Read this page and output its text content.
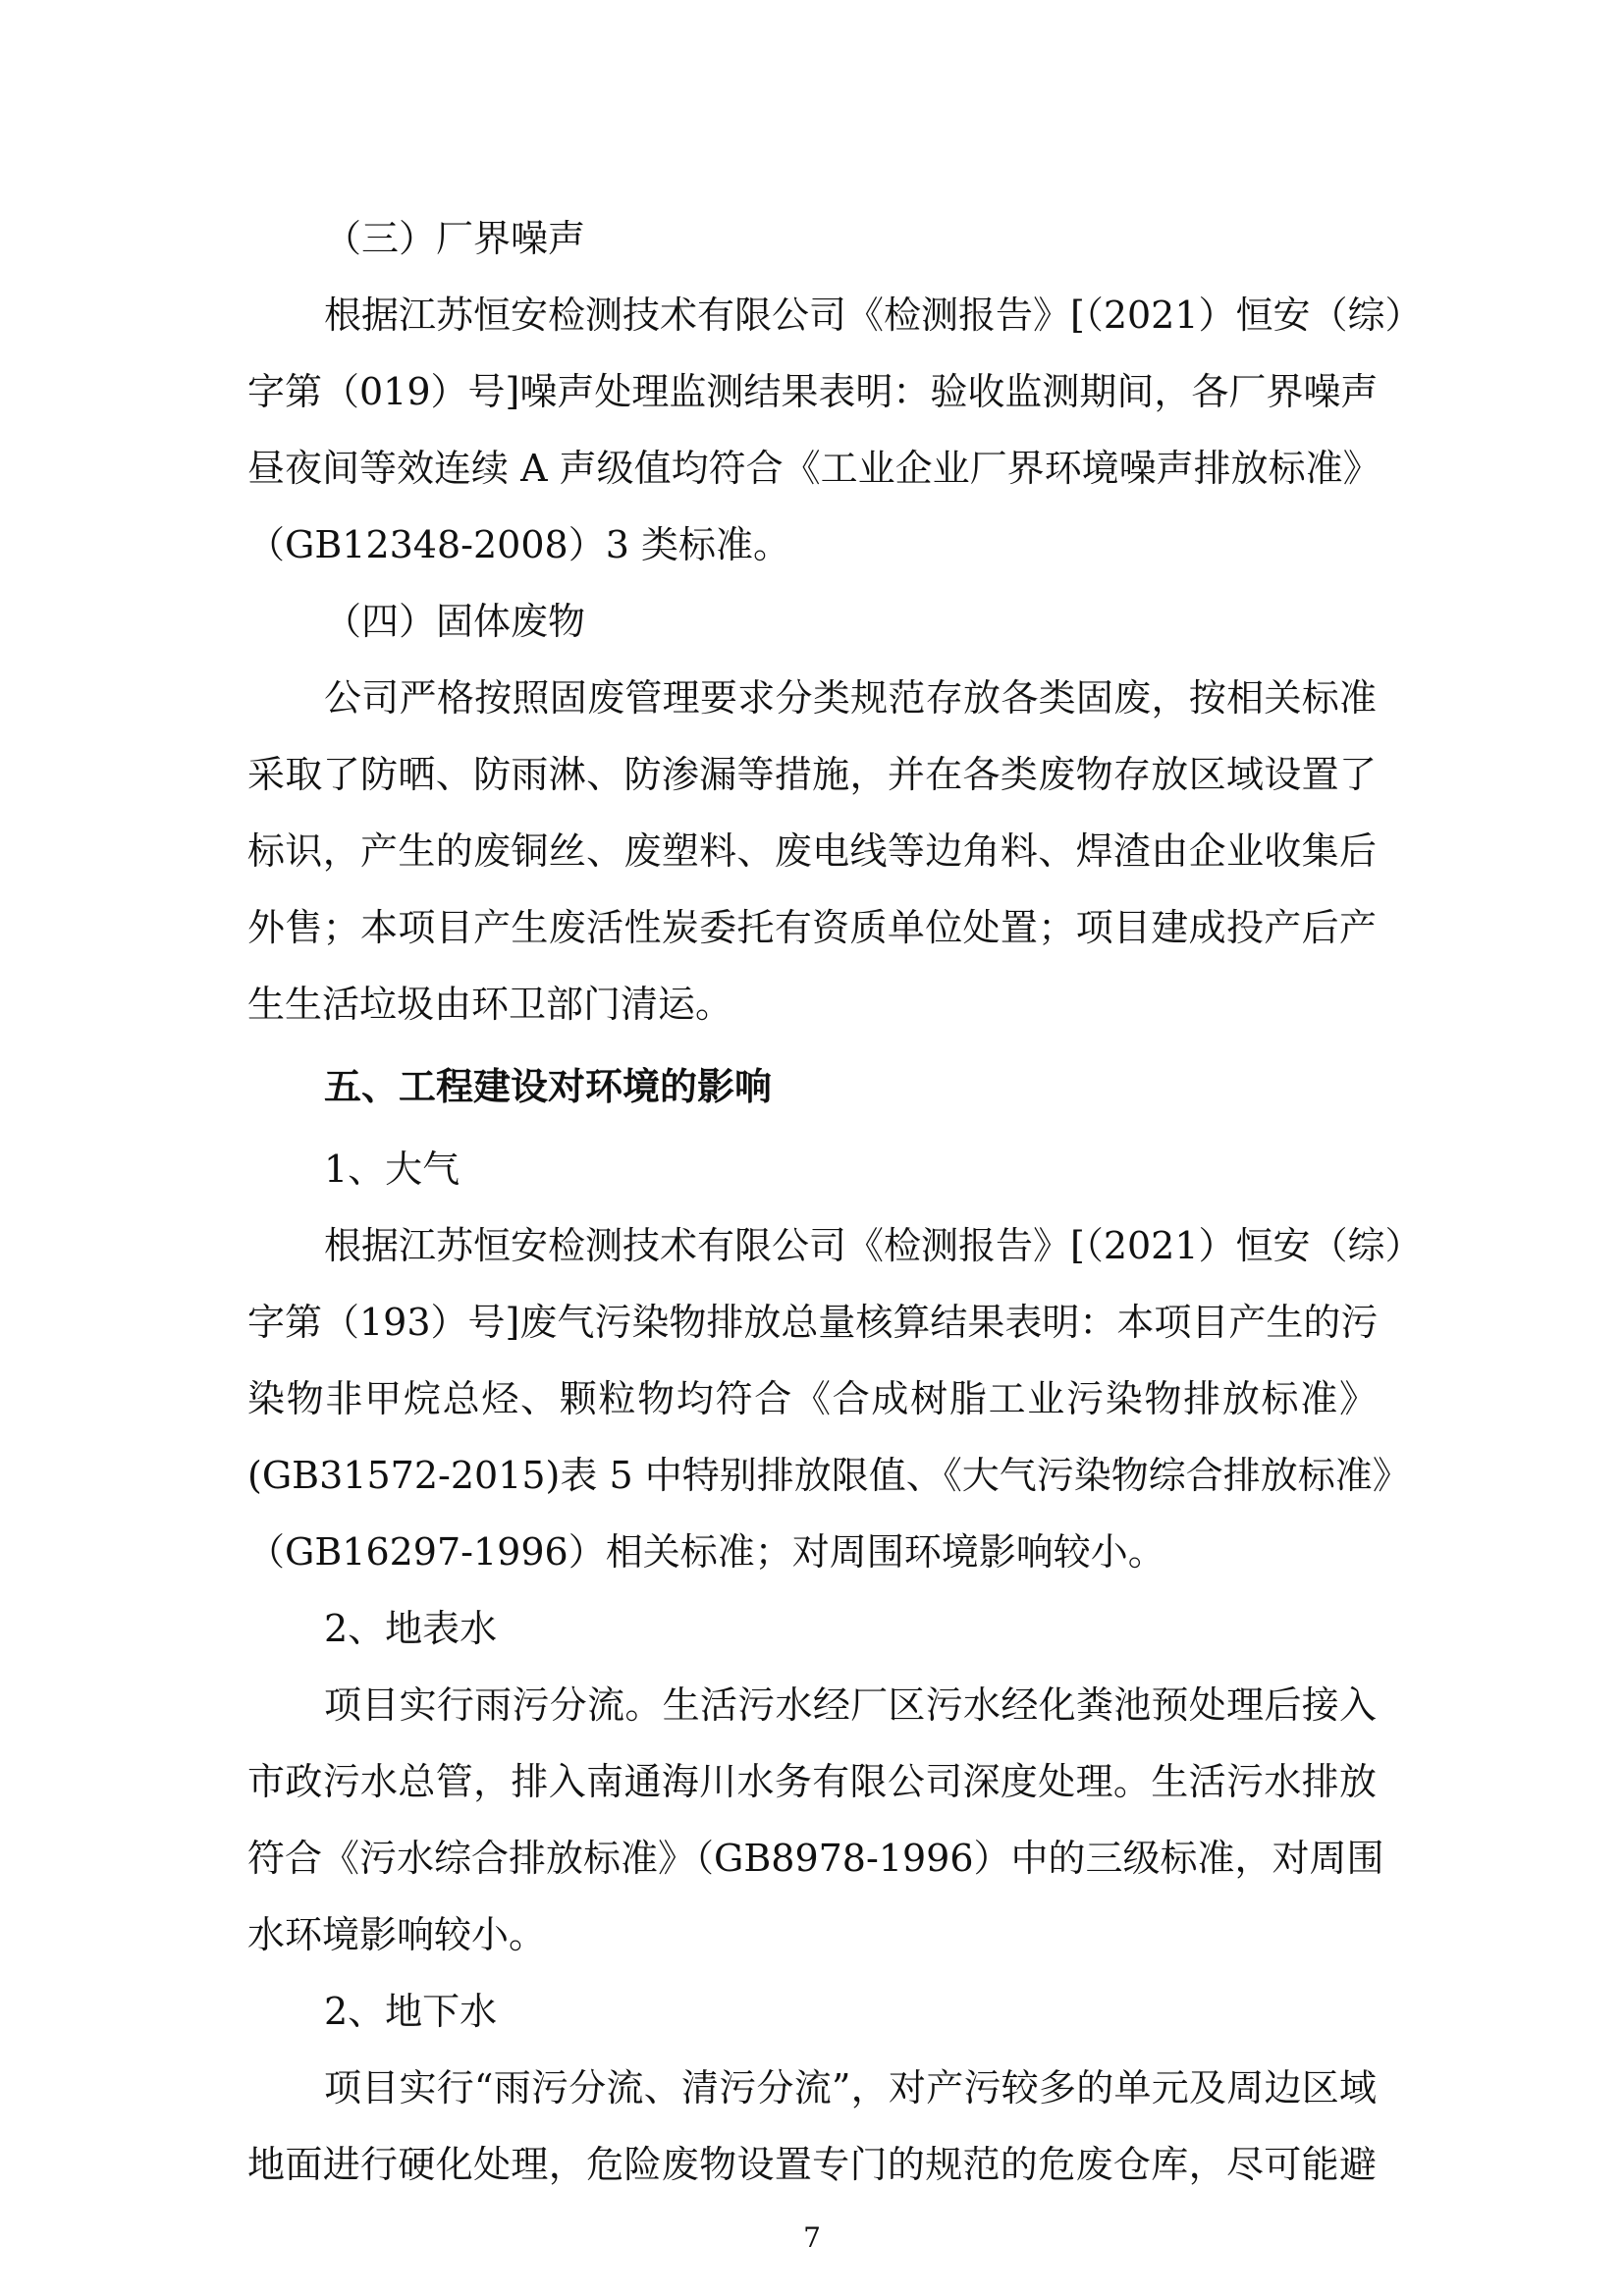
（三）厂界噪声
根据江苏恒安检测技术有限公司《检测报告》[（2021）恒安（综）
字第（019）号]噪声处理监测结果表明：验收监测期间，各厂界噪声
昼夜间等效连续 A 声级值均符合《工业企业厂界环境噪声排放标准》
（GB12348-2008）3 类标准。
（四）固体废物
公司严格按照固废管理要求分类规范存放各类固废，按相关标准
采取了防晒、防雨淋、防渗漏等措施，并在各类废物存放区域设置了
标识，产生的废铜丝、废塑料、废电线等边角料、焊渣由企业收集后
外售；本项目产生废活性炭委托有资质单位处置；项目建成投产后产
生生活垃圾由环卫部门清运。
五、工程建设对环境的影响
1、大气
根据江苏恒安检测技术有限公司《检测报告》[（2021）恒安（综）
字第（193）号]废气污染物排放总量核算结果表明：本项目产生的污
染物非甲烷总烃、颗粒物均符合《合成树脂工业污染物排放标准》
(GB31572-2015)表 5 中特别排放限值、《大气污染物综合排放标准》
（GB16297-1996）相关标准；对周围环境影响较小。
2、地表水
项目实行雨污分流。生活污水经厂区污水经化粪池预处理后接入
市政污水总管，排入南通海川水务有限公司深度处理。生活污水排放
符合《污水综合排放标准》（GB8978-1996）中的三级标准，对周围
水环境影响较小。
2、地下水
项目实行“雨污分流、清污分流”，对产污较多的单元及周边区域
7
地面进行硬化处理，危险废物设置专门的规范的危废仓库，尽可能避
